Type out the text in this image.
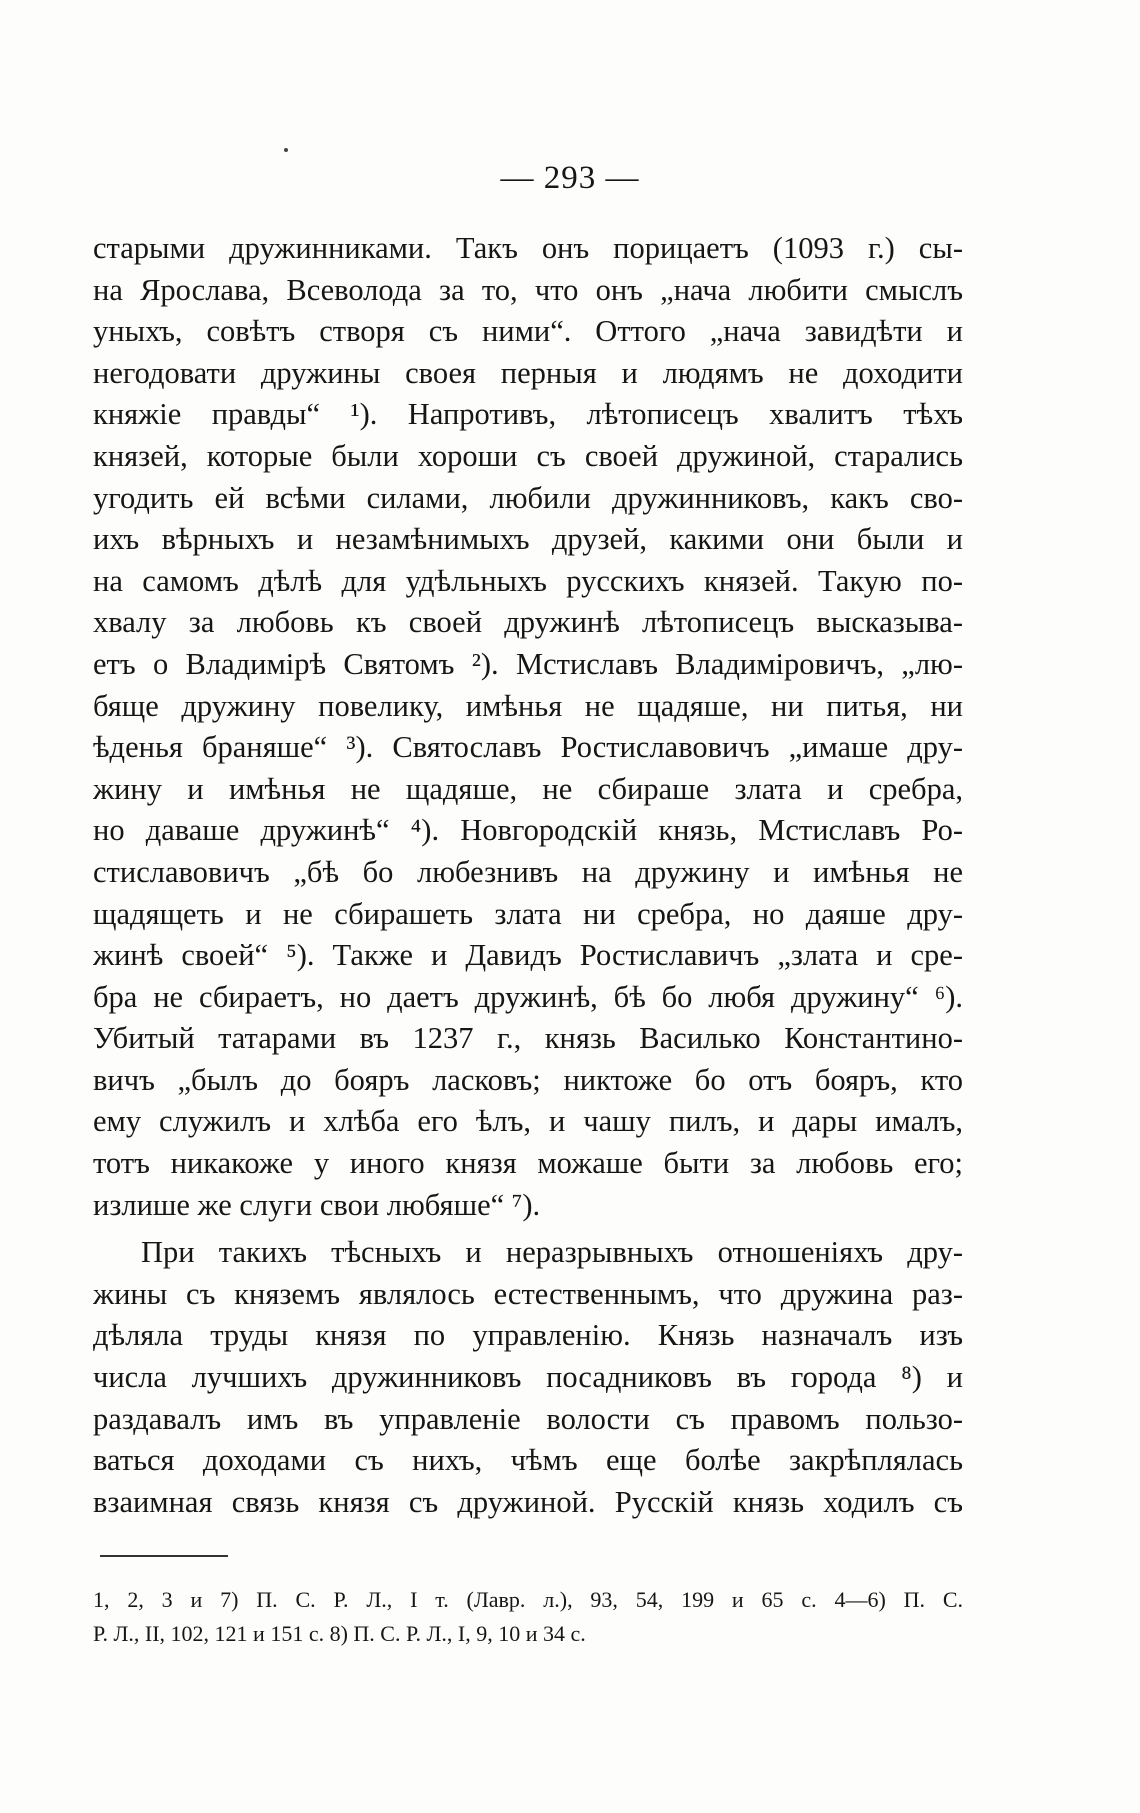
— 293 —
старыми дружинниками. Такъ онъ порицаетъ (1093 г.) сы-
на Ярослава, Всеволода за то, что онъ „нача любити смыслъ
уныхъ, совѣтъ створя съ ними“. Оттого „нача завидѣти и
негодовати дружины своея перныя и людямъ не доходити
княжіе правды“ ¹). Напротивъ, лѣтописецъ хвалитъ тѣхъ
князей, которые были хороши съ своей дружиной, старались
угодить ей всѣми силами, любили дружинниковъ, какъ сво-
ихъ вѣрныхъ и незамѣнимыхъ друзей, какими они были и
на самомъ дѣлѣ для удѣльныхъ русскихъ князей. Такую по-
хвалу за любовь къ своей дружинѣ лѣтописецъ высказыва-
етъ о Владимірѣ Святомъ ²). Мстиславъ Владиміровичъ, „лю-
бяще дружину повелику, имѣнья не щадяше, ни питья, ни
ѣденья браняше“ ³). Святославъ Ростиславовичъ „имаше дру-
жину и имѣнья не щадяше, не сбираше злата и сребра,
но даваше дружинѣ“ ⁴). Новгородскій князь, Мстиславъ Ро-
стиславовичъ „бѣ бо любезнивъ на дружину и имѣнья не
щадящеть и не сбирашеть злата ни сребра, но даяше дру-
жинѣ своей“ ⁵). Также и Давидъ Ростиславичъ „злата и сре-
бра не сбираетъ, но даетъ дружинѣ, бѣ бо любя дружину“ ⁶).
Убитый татарами въ 1237 г., князь Василько Константино-
вичъ „былъ до бояръ ласковъ; никтоже бо отъ бояръ, кто
ему служилъ и хлѣба его ѣлъ, и чашу пилъ, и дары ималъ,
тотъ никакоже у иного князя можаше быти за любовь его;
излише же слуги свои любяше“ ⁷).
При такихъ тѣсныхъ и неразрывныхъ отношеніяхъ дру-
жины съ княземъ являлось естественнымъ, что дружина раз-
дѣляла труды князя по управленію. Князь назначалъ изъ
числа лучшихъ дружинниковъ посадниковъ въ города ⁸) и
раздавалъ имъ въ управленіе волости съ правомъ пользо-
ваться доходами съ нихъ, чѣмъ еще болѣе закрѣплялась
взаимная связь князя съ дружиной. Русскій князь ходилъ съ
1, 2, 3 и 7) П. С. Р. Л., I т. (Лавр. л.), 93, 54, 199 и 65 с. 4—6) П. С.
Р. Л., II, 102, 121 и 151 с. 8) П. С. Р. Л., I, 9, 10 и 34 с.
